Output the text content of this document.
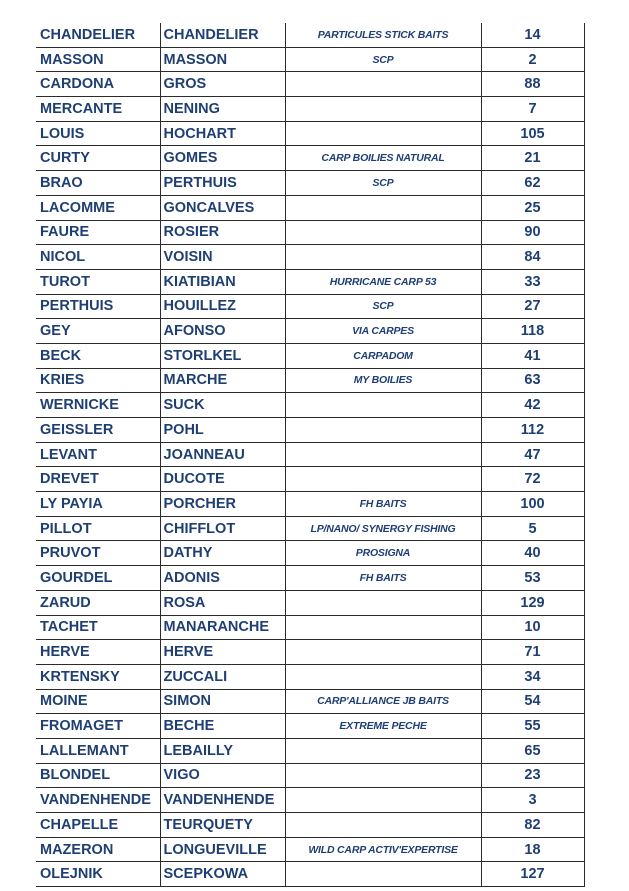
CHANDELIER	CHANDELIER	PARTICULES STICK BAITS	14
MASSON	MASSON	SCP	2
CARDONA	GROS		88
MERCANTE	NENING		7
LOUIS	HOCHART		105
CURTY	GOMES	CARP BOILIES NATURAL	21
BRAO	PERTHUIS	SCP	62
LACOMME	GONCALVES		25
FAURE	ROSIER		90
NICOL	VOISIN		84
TUROT	KIATIBIAN	HURRICANE CARP 53	33
PERTHUIS	HOUILLEZ	SCP	27
GEY	AFONSO	VIA CARPES	118
BECK	STORLKEL	CARPADOM	41
KRIES	MARCHE	MY BOILIES	63
WERNICKE	SUCK		42
GEISSLER	POHL		112
LEVANT	JOANNEAU		47
DREVET	DUCOTE		72
LY PAYIA	PORCHER	FH BAITS	100
PILLOT	CHIFFLOT	LP/NANO/ SYNERGY FISHING	5
PRUVOT	DATHY	PROSIGNA	40
GOURDEL	ADONIS	FH BAITS	53
ZARUD	ROSA		129
TACHET	MANARANCHE		10
HERVE	HERVE		71
KRTENSKY	ZUCCALI		34
MOINE	SIMON	CARP'ALLIANCE JB BAITS	54
FROMAGET	BECHE	EXTREME PECHE	55
LALLEMANT	LEBAILLY		65
BLONDEL	VIGO		23
VANDENHENDE	VANDENHENDE		3
CHAPELLE	TEURQUETY		82
MAZERON	LONGUEVILLE	WILD CARP ACTIV'EXPERTISE	18
OLEJNIK	SCEPKOWA		127
